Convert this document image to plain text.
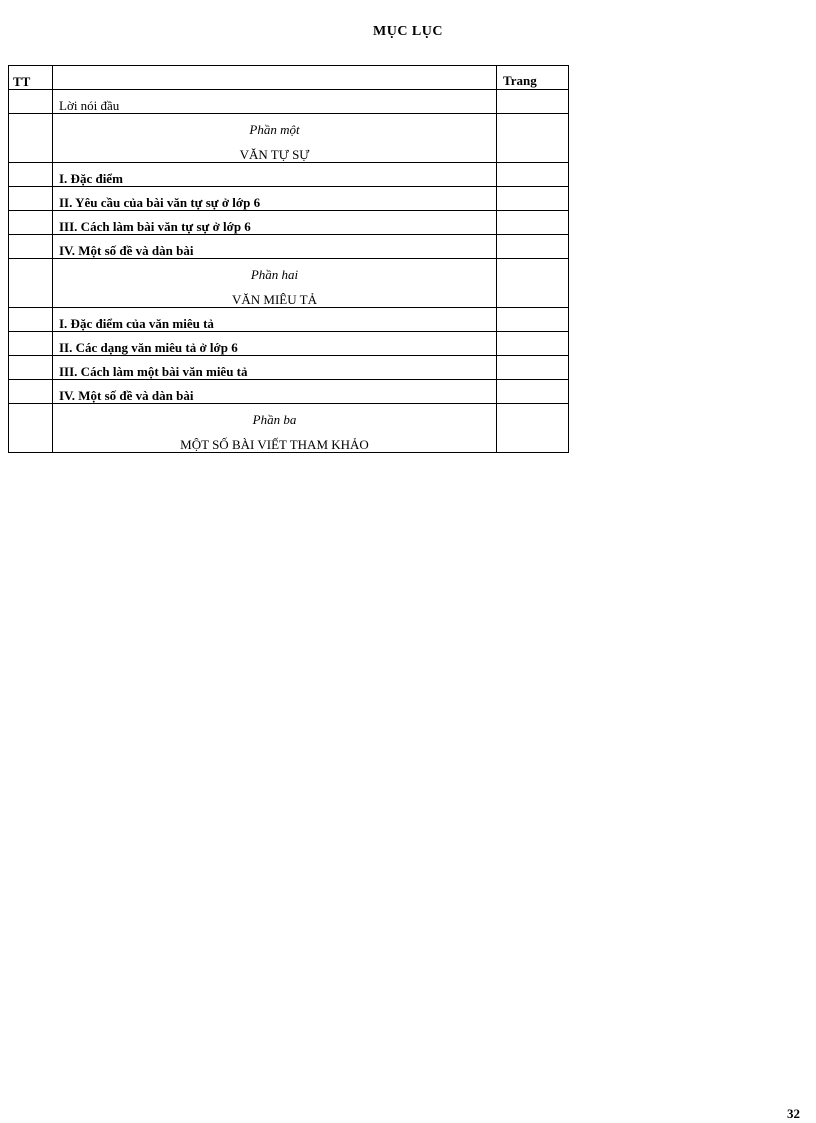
MỤC LỤC
TT		Trang
	Lời nói đầu	

	Phần một
VĂN TỰ SỰ	

	I. Đặc điểm	
	II. Yêu cầu của bài văn tự sự ở lớp 6	
	III. Cách làm bài văn tự sự ở lớp 6	
	IV. Một số đề và dàn bài	

	Phần hai
VĂN MIÊU TẢ	

	I. Đặc điểm của văn miêu tả	
	II. Các dạng văn miêu tả ở lớp 6	
	III. Cách làm một bài văn miêu tả	
	IV. Một số đề và dàn bài	

	Phần ba
MỘT SỐ BÀI VIẾT THAM KHẢO	

32
